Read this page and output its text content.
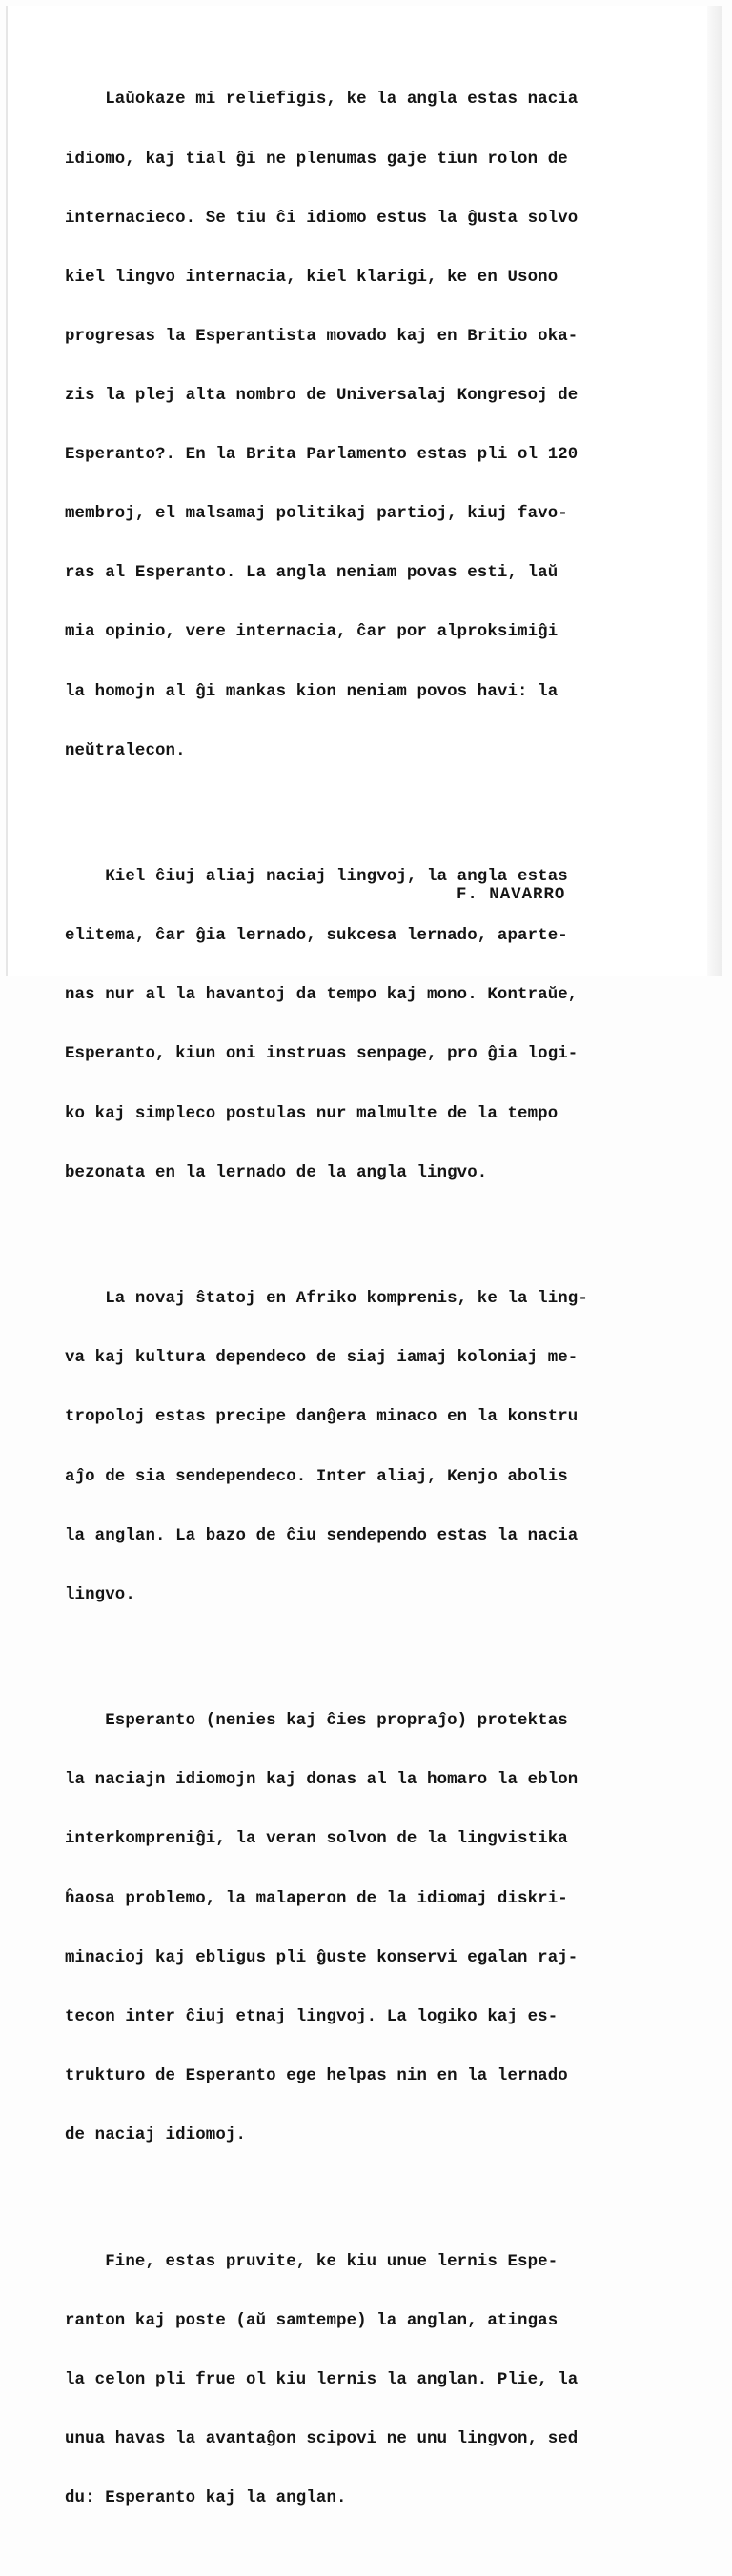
Laŭokaze mi reliefigis, ke la angla estas nacia

idiomo, kaj tial ĝi ne plenumas gaje tiun rolon de

internacieco. Se tiu ĉi idiomo estus la ĝusta solvo

kiel lingvo internacia, kiel klarigi, ke en Usono

progresas la Esperantista movado kaj en Britio oka-

zis la plej alta nombro de Universalaj Kongresoj de

Esperanto?. En la Brita Parlamento estas pli ol 120

membroj, el malsamaj politikaj partioj, kiuj favo-

ras al Esperanto. La angla neniam povas esti, laŭ

mia opinio, vere internacia, ĉar por alproksimiĝi

la homojn al ĝi mankas kion neniam povos havi: la

neŭtralecon.

Kiel ĉiuj aliaj naciaj lingvoj, la angla estas

elitema, ĉar ĝia lernado, sukcesa lernado, aparte-

nas nur al la havantoj da tempo kaj mono. Kontraŭe,

Esperanto, kiun oni instruas senpage, pro ĝia logi-

ko kaj simpleco postulas nur malmulte de la tempo

bezonata en la lernado de la angla lingvo.

La novaj ŝtatoj en Afriko komprenis, ke la ling-

va kaj kultura dependeco de siaj iamaj koloniaj me-

tropoloj estas precipe danĝera minaco en la konstru

aĵo de sia sendependeco. Inter aliaj, Kenjo abolis

la anglan. La bazo de ĉiu sendependo estas la nacia

lingvo.

Esperanto (nenies kaj ĉies propraĵo) protektas

la naciajn idiomojn kaj donas al la homaro la eblon

interkompreniĝi, la veran solvon de la lingvistika

ĥaosa problemo, la malaperon de la idiomaj diskri-

minacioj kaj ebligus pli ĝuste konservi egalan raj-

tecon inter ĉiuj etnaj lingvoj. La logiko kaj es-

trukturo de Esperanto ege helpas nin en la lernado

de naciaj idiomoj.

Fine, estas pruvite, ke kiu unue lernis Espe-

ranton kaj poste (aŭ samtempe) la anglan, atingas

la celon pli frue ol kiu lernis la anglan. Plie, la

unua havas la avantaĝon scipovi ne unu lingvon, sed

du: Esperanto kaj la anglan.

F. NAVARRO
